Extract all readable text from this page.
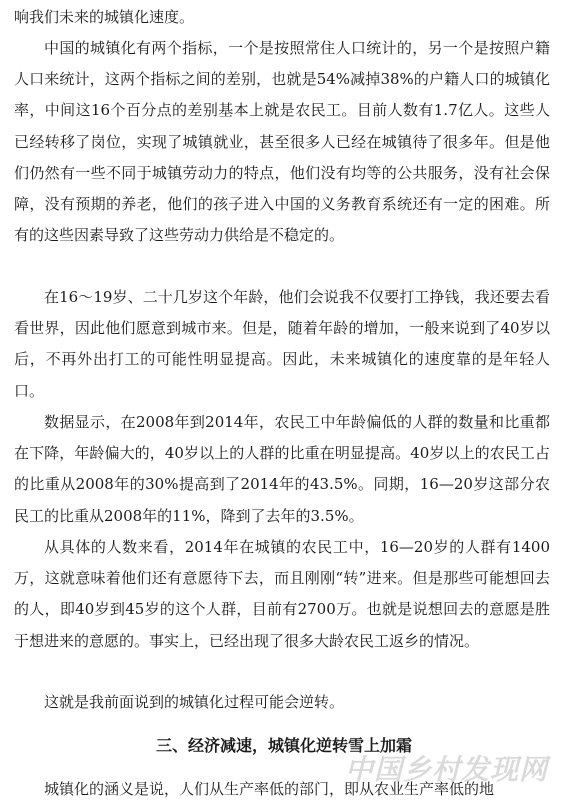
响我们未来的城镇化速度。

中国的城镇化有两个指标，一个是按照常住人口统计的，另一个是按照户籍人口来统计，这两个指标之间的差别，也就是54%减掉38%的户籍人口的城镇化率，中间这16个百分点的差别基本上就是农民工。目前人数有1.7亿人。这些人已经转移了岗位，实现了城镇就业，甚至很多人已经在城镇待了很多年。但是他们仍然有一些不同于城镇劳动力的特点，他们没有均等的公共服务，没有社会保障，没有预期的养老，他们的孩子进入中国的义务教育系统还有一定的困难。所有的这些因素导致了这些劳动力供给是不稳定的。

在16～19岁、二十几岁这个年龄，他们会说我不仅要打工挣钱，我还要去看看世界，因此他们愿意到城市来。但是，随着年龄的增加，一般来说到了40岁以后，不再外出打工的可能性明显提高。因此，未来城镇化的速度靠的是年轻人口。

数据显示，在2008年到2014年，农民工中年龄偏低的人群的数量和比重都在下降，年龄偏大的，40岁以上的人群的比重在明显提高。40岁以上的农民工占的比重从2008年的30%提高到了2014年的43.5%。同期，16—20岁这部分农民工的比重从2008年的11%，降到了去年的3.5%。

从具体的人数来看，2014年在城镇的农民工中，16—20岁的人群有1400万，这就意味着他们还有意愿待下去，而且刚刚“转”进来。但是那些可能想回去的人，即40岁到45岁的这个人群，目前有2700万。也就是说想回去的意愿是胜于想进来的意愿的。事实上，已经出现了很多大龄农民工返乡的情况。

这就是我前面说到的城镇化过程可能会逆转。

三、经济减速，城镇化逆转雪上加霜

城镇化的涵义是说，人们从生产率低的部门，即从农业生产率低的地

中国乡村发现网
